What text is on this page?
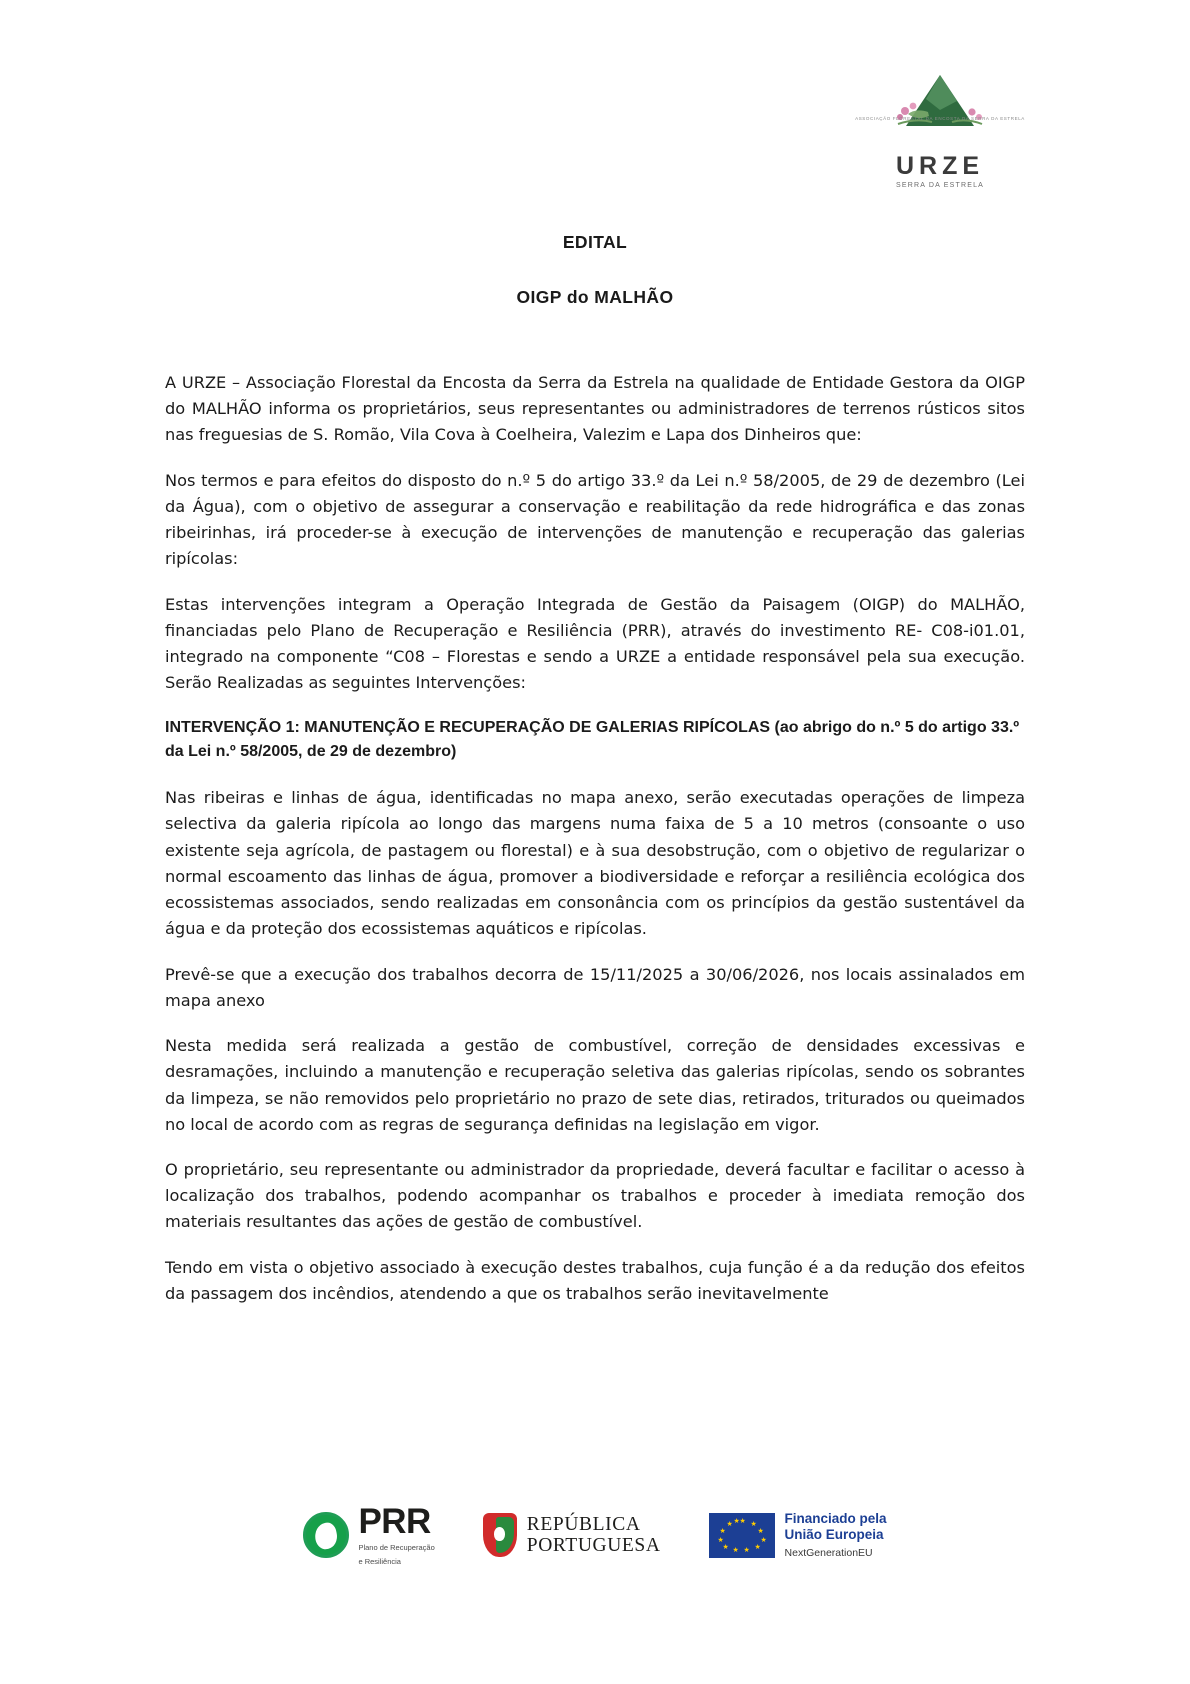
ASSOCIAÇÃO FLORESTAL DA ENCOSTA DA SERRA DA ESTRELA
URZE
SERRA DA ESTRELA
EDITAL
OIGP do MALHÃO

A URZE – Associação Florestal da Encosta da Serra da Estrela na qualidade de Entidade Gestora da OIGP do MALHÃO informa os proprietários, seus representantes ou administradores de terrenos rústicos sitos nas freguesias de S. Romão, Vila Cova à Coelheira, Valezim e Lapa dos Dinheiros que:

Nos termos e para efeitos do disposto do n.º 5 do artigo 33.º da Lei n.º 58/2005, de 29 de dezembro (Lei da Água), com o objetivo de assegurar a conservação e reabilitação da rede hidrográfica e das zonas ribeirinhas, irá proceder-se à execução de intervenções de manutenção e recuperação das galerias ripícolas:

Estas intervenções integram a Operação Integrada de Gestão da Paisagem (OIGP) do MALHÃO, financiadas pelo Plano de Recuperação e Resiliência (PRR), através do investimento RE- C08-i01.01, integrado na componente “C08 – Florestas e sendo a URZE a entidade responsável pela sua execução. Serão Realizadas as seguintes Intervenções:

INTERVENÇÃO 1: MANUTENÇÃO E RECUPERAÇÃO DE GALERIAS RIPÍCOLAS (ao abrigo do n.º 5 do artigo 33.º da Lei n.º 58/2005, de 29 de dezembro)

Nas ribeiras e linhas de água, identificadas no mapa anexo, serão executadas operações de limpeza selectiva da galeria ripícola ao longo das margens numa faixa de 5 a 10 metros (consoante o uso existente seja agrícola, de pastagem ou florestal) e à sua desobstrução, com o objetivo de regularizar o normal escoamento das linhas de água, promover a biodiversidade e reforçar a resiliência ecológica dos ecossistemas associados, sendo realizadas em consonância com os princípios da gestão sustentável da água e da proteção dos ecossistemas aquáticos e ripícolas.

Prevê-se que a execução dos trabalhos decorra de 15/11/2025 a 30/06/2026, nos locais assinalados em mapa anexo

Nesta medida será realizada a gestão de combustível, correção de densidades excessivas e desramações, incluindo a manutenção e recuperação seletiva das galerias ripícolas, sendo os sobrantes da limpeza, se não removidos pelo proprietário no prazo de sete dias, retirados, triturados ou queimados no local de acordo com as regras de segurança definidas na legislação em vigor.

O proprietário, seu representante ou administrador da propriedade, deverá facultar e facilitar o acesso à localização dos trabalhos, podendo acompanhar os trabalhos e proceder à imediata remoção dos materiais resultantes das ações de gestão de combustível.

Tendo em vista o objetivo associado à execução destes trabalhos, cuja função é a da redução dos efeitos da passagem dos incêndios, atendendo a que os trabalhos serão inevitavelmente

PRR
Plano de Recuperação
e Resiliência
REPÚBLICA
PORTUGUESA
★ ★
★
★
★
★
★
★
★
★
★ ★	Financiado pela
União Europeia
NextGenerationEU
